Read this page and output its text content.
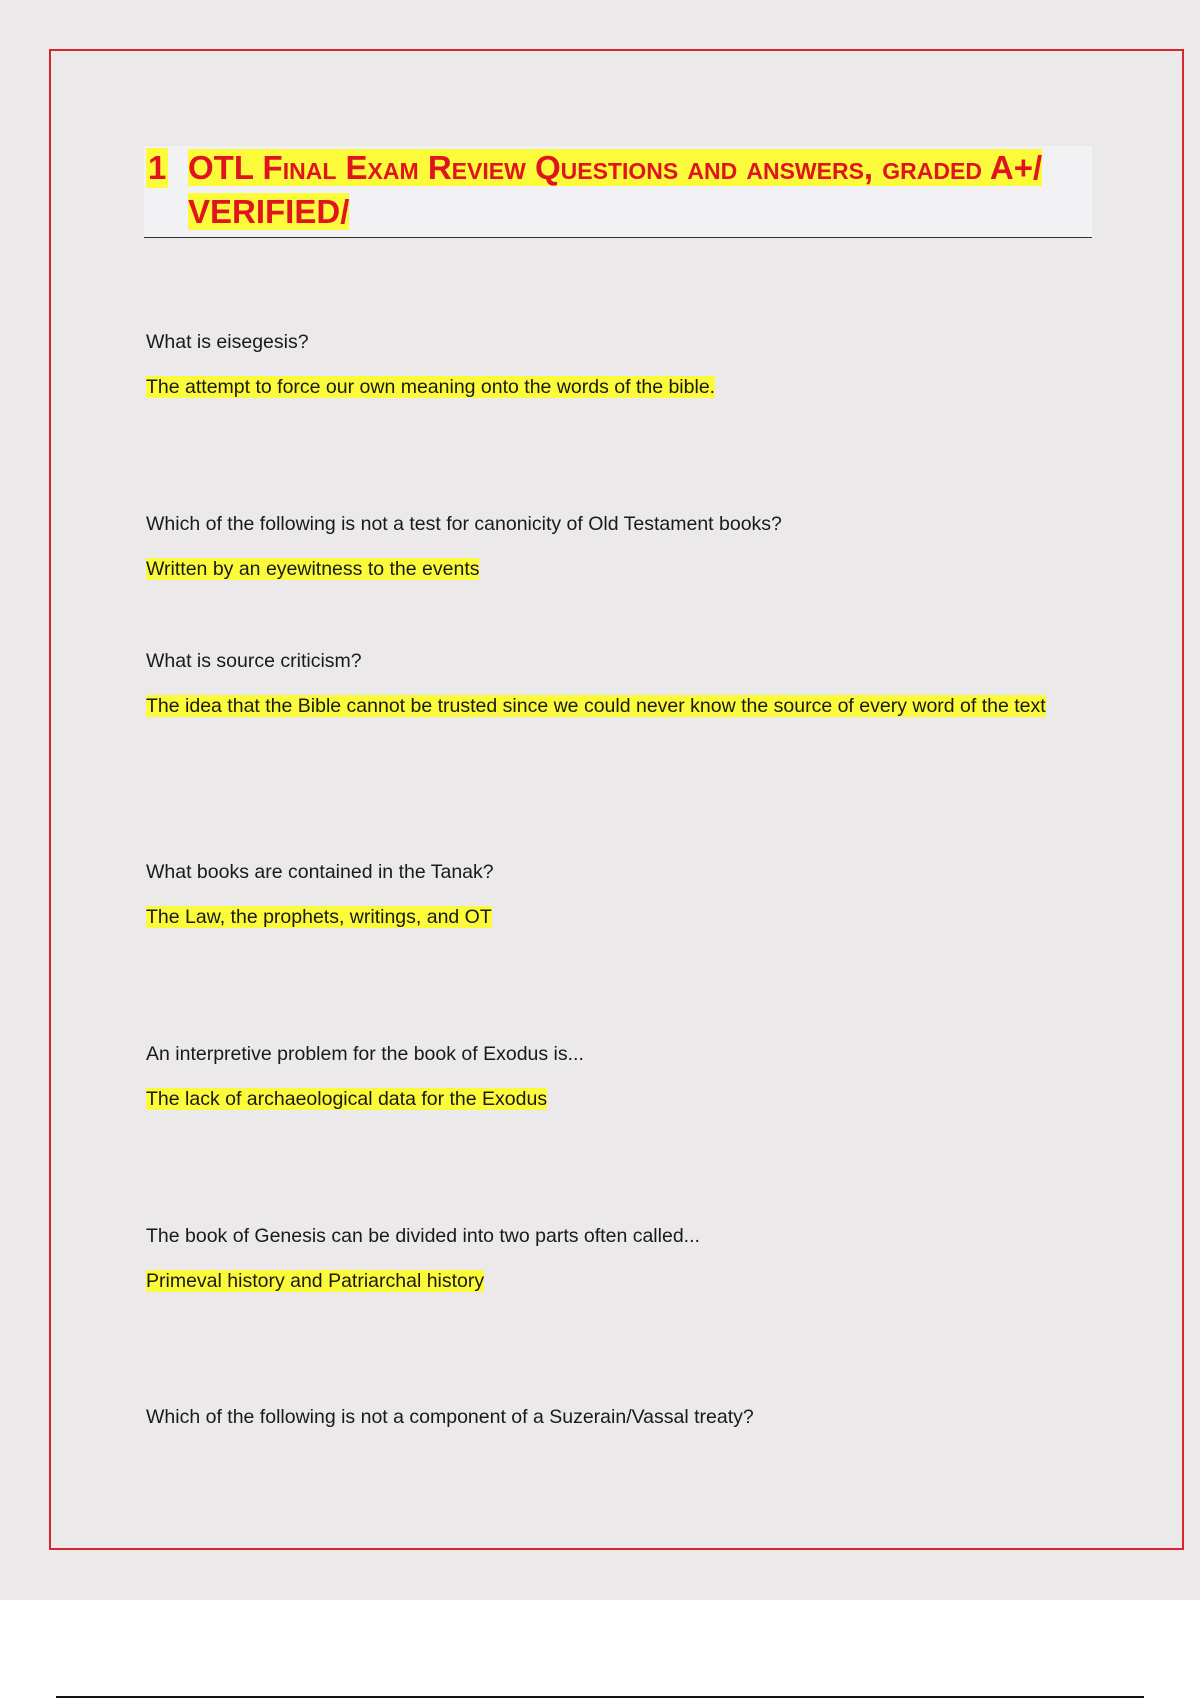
1 OTL Final Exam Review Questions and answers, graded A+/ VERIFIED/

What is eisegesis?

The attempt to force our own meaning onto the words of the bible.

Which of the following is not a test for canonicity of Old Testament books?

Written by an eyewitness to the events

What is source criticism?

The idea that the Bible cannot be trusted since we could never know the source of every word of the text

What books are contained in the Tanak?

The Law, the prophets, writings, and OT

An interpretive problem for the book of Exodus is...

The lack of archaeological data for the Exodus

The book of Genesis can be divided into two parts often called...

Primeval history and Patriarchal history

Which of the following is not a component of a Suzerain/Vassal treaty?
